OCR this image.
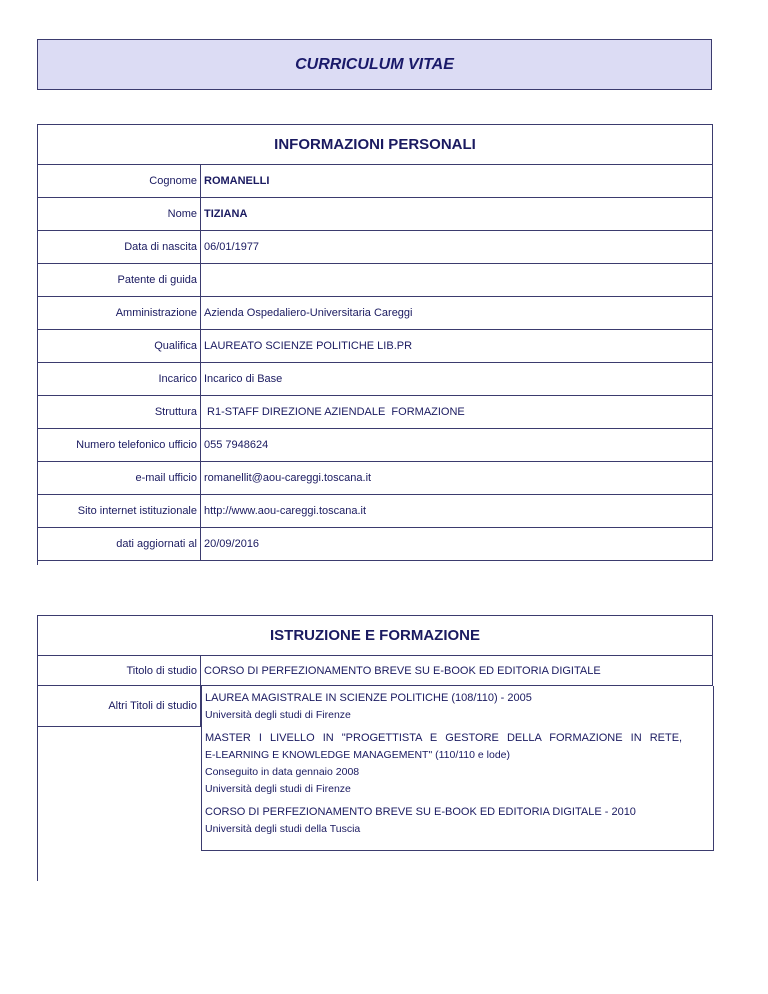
CURRICULUM VITAE
INFORMAZIONI PERSONALI
Cognome ROMANELLI
Nome TIZIANA
Data di nascita 06/01/1977
Patente di guida
Amministrazione Azienda Ospedaliero-Universitaria Careggi
Qualifica LAUREATO SCIENZE POLITICHE LIB.PR
Incarico Incarico di Base
Struttura R1-STAFF DIREZIONE AZIENDALE  FORMAZIONE
Numero telefonico ufficio 055 7948624
e-mail ufficio romanellit@aou-careggi.toscana.it
Sito internet istituzionale http://www.aou-careggi.toscana.it
dati aggiornati al 20/09/2016
ISTRUZIONE E FORMAZIONE
Titolo di studio CORSO DI PERFEZIONAMENTO BREVE SU E-BOOK ED EDITORIA DIGITALE
Altri Titoli di studio
LAUREA MAGISTRALE IN SCIENZE POLITICHE (108/110) - 2005
Università degli studi di Firenze
MASTER I LIVELLO IN "PROGETTISTA E GESTORE DELLA FORMAZIONE IN RETE,
E-LEARNING E KNOWLEDGE MANAGEMENT" (110/110 e lode)
Conseguito in data gennaio 2008
Università degli studi di Firenze
CORSO DI PERFEZIONAMENTO BREVE SU E-BOOK ED EDITORIA DIGITALE - 2010
Università degli studi della Tuscia
